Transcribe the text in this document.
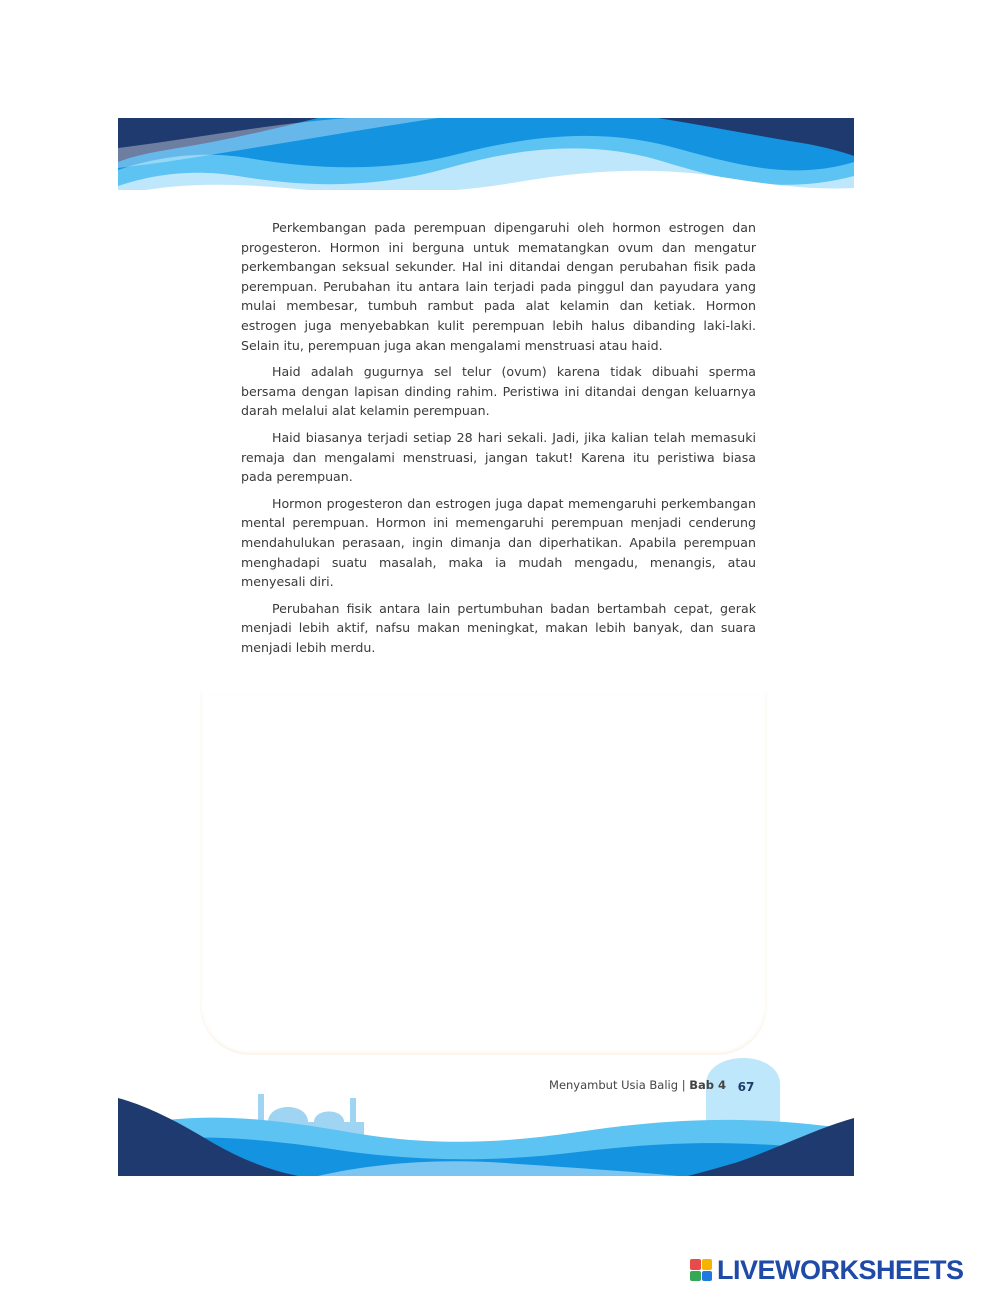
Perkembangan pada perempuan dipengaruhi oleh hormon estrogen dan progesteron. Hormon ini berguna untuk mematangkan ovum dan mengatur perkembangan seksual sekunder. Hal ini ditandai dengan perubahan fisik pada perempuan. Perubahan itu antara lain terjadi pada pinggul dan payudara yang mulai membesar, tumbuh rambut pada alat kelamin dan ketiak. Hormon estrogen juga menyebabkan kulit perempuan lebih halus dibanding laki-laki. Selain itu, perempuan juga akan mengalami menstruasi atau haid.

Haid adalah gugurnya sel telur (ovum) karena tidak dibuahi sperma bersama dengan lapisan dinding rahim. Peristiwa ini ditandai dengan keluarnya darah melalui alat kelamin perempuan.

Haid biasanya terjadi setiap 28 hari sekali. Jadi, jika kalian telah memasuki remaja dan mengalami menstruasi, jangan takut! Karena itu peristiwa biasa pada perempuan.

Hormon progesteron dan estrogen juga dapat memengaruhi perkembangan mental perempuan. Hormon ini memengaruhi perempuan menjadi cenderung mendahulukan perasaan, ingin dimanja dan diperhatikan. Apabila perempuan menghadapi suatu masalah, maka ia mudah mengadu, menangis, atau menyesali diri.

Perubahan fisik antara lain pertumbuhan badan bertambah cepat, gerak menjadi lebih aktif, nafsu makan meningkat, makan lebih banyak, dan suara menjadi lebih merdu.

Menyambut Usia Balig | Bab 4 67
LIVEWORKSHEETS
